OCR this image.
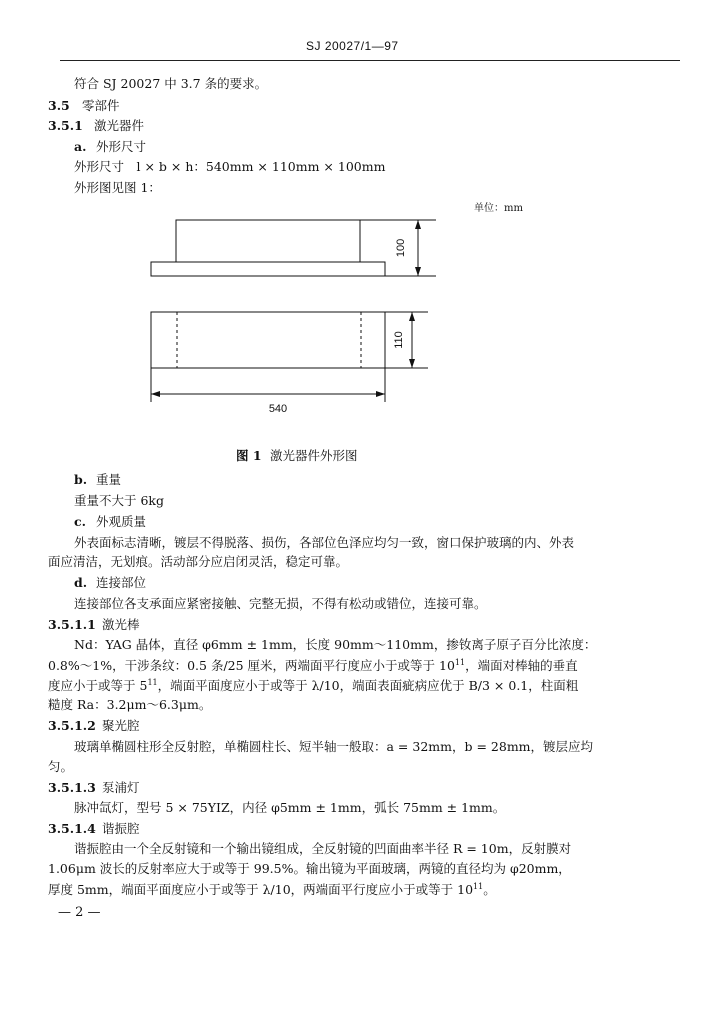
SJ 20027/1—97
符合 SJ 20027 中 3.7 条的要求。
3.5 零部件
3.5.1 激光器件
a. 外形尺寸
外形尺寸　l × b × h：540mm × 110mm × 100mm
外形图见图 1：
单位：mm
100
110
540
图 1 激光器件外形图
b. 重量
重量不大于 6kg
c. 外观质量
外表面标志清晰，镀层不得脱落、损伤，各部位色泽应均匀一致，窗口保护玻璃的内、外表
面应清洁，无划痕。活动部分应启闭灵活，稳定可靠。
d. 连接部位
连接部位各支承面应紧密接触、完整无损，不得有松动或错位，连接可靠。
3.5.1.1 激光棒
Nd：YAG 晶体，直径 φ6mm ± 1mm，长度 90mm～110mm，掺钕离子原子百分比浓度：
0.8%～1%，干涉条纹：0.5 条/25 厘米，两端面平行度应小于或等于 $10^{11}$，端面对棒轴的垂直
度应小于或等于 $5^{11}$，端面平面度应小于或等于 λ/10，端面表面疵病应优于 B/3 × 0.1，柱面粗
糙度 Ra：3.2μm～6.3μm。
3.5.1.2 聚光腔
玻璃单椭圆柱形全反射腔，单椭圆柱长、短半轴一般取：a = 32mm，b = 28mm，镀层应均
匀。
3.5.1.3 泵浦灯
脉冲氙灯，型号 5 × 75YIZ，内径 φ5mm ± 1mm，弧长 75mm ± 1mm。
3.5.1.4 谐振腔
谐振腔由一个全反射镜和一个输出镜组成，全反射镜的凹面曲率半径 R = 10m，反射膜对
1.06μm 波长的反射率应大于或等于 99.5%。输出镜为平面玻璃，两镜的直径均为 φ20mm，
厚度 5mm，端面平面度应小于或等于 λ/10，两端面平行度应小于或等于 $10^{11}$。
— 2 —
